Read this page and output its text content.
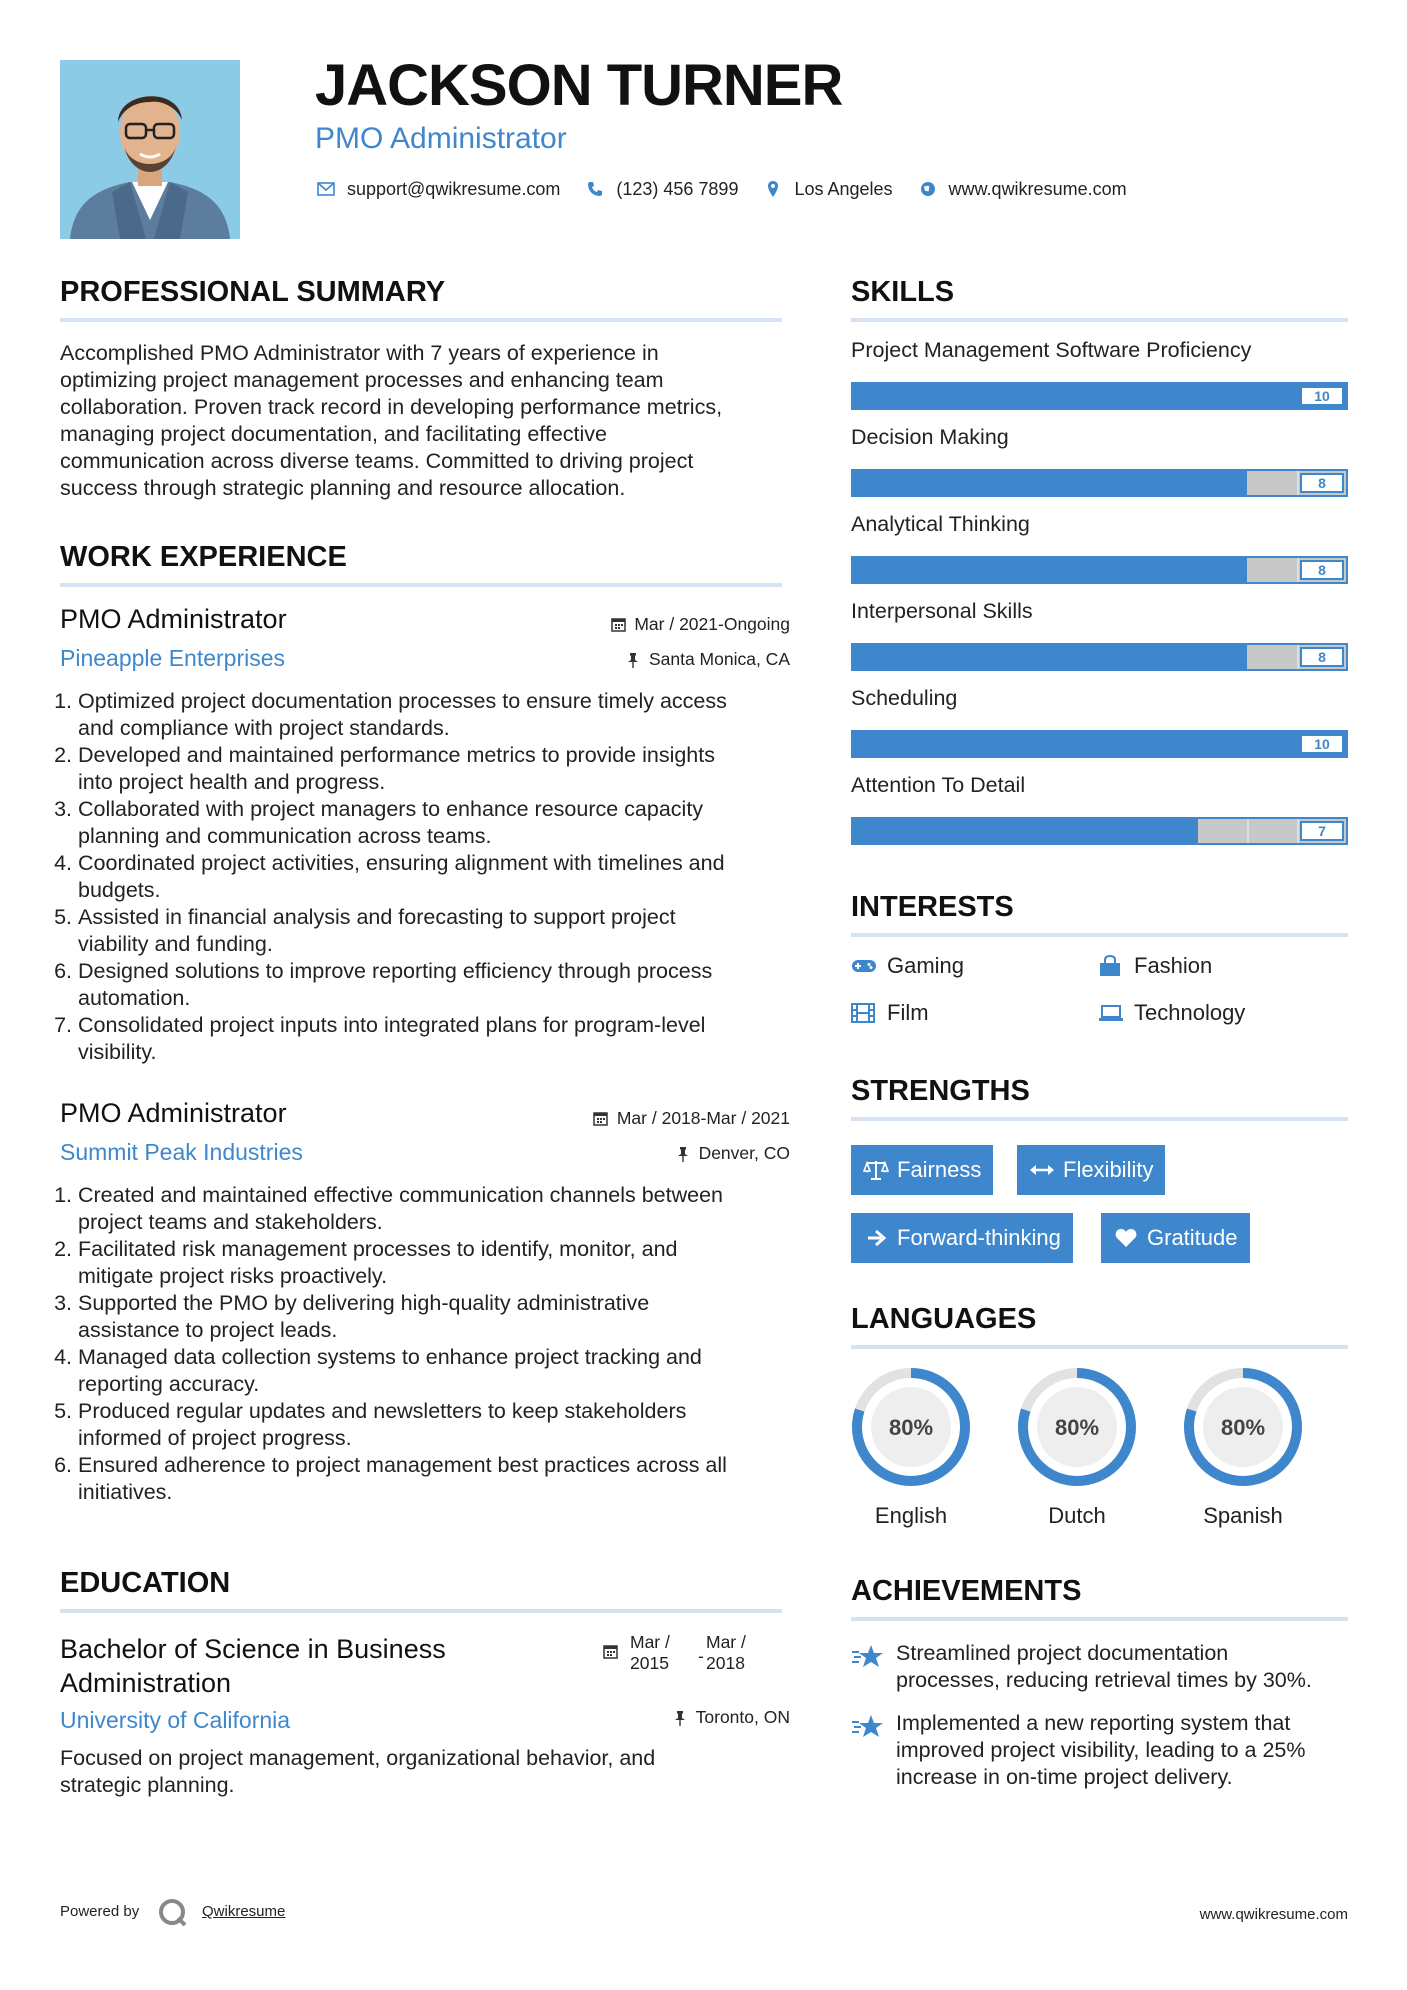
JACKSON TURNER
PMO Administrator
support@qwikresume.com	(123) 456 7899	Los Angeles	www.qwikresume.com
PROFESSIONAL SUMMARY
Accomplished PMO Administrator with 7 years of experience in
optimizing project management processes and enhancing team
collaboration. Proven track record in developing performance metrics,
managing project documentation, and facilitating effective
communication across diverse teams. Committed to driving project
success through strategic planning and resource allocation.
WORK EXPERIENCE
PMO Administrator	Mar / 2021-Ongoing
Pineapple Enterprises	Santa Monica, CA
1. Optimized project documentation processes to ensure timely access
and compliance with project standards.
2. Developed and maintained performance metrics to provide insights
into project health and progress.
3. Collaborated with project managers to enhance resource capacity
planning and communication across teams.
4. Coordinated project activities, ensuring alignment with timelines and
budgets.
5. Assisted in financial analysis and forecasting to support project
viability and funding.
6. Designed solutions to improve reporting efficiency through process
automation.
7. Consolidated project inputs into integrated plans for program-level
visibility.
PMO Administrator	Mar / 2018-Mar / 2021
Summit Peak Industries	Denver, CO
1. Created and maintained effective communication channels between
project teams and stakeholders.
2. Facilitated risk management processes to identify, monitor, and
mitigate project risks proactively.
3. Supported the PMO by delivering high-quality administrative
assistance to project leads.
4. Managed data collection systems to enhance project tracking and
reporting accuracy.
5. Produced regular updates and newsletters to keep stakeholders
informed of project progress.
6. Ensured adherence to project management best practices across all
initiatives.
EDUCATION
Bachelor of Science in Business
Administration
Mar /
2015 -
Mar /
2018
University of California	Toronto, ON
Focused on project management, organizational behavior, and
strategic planning.
SKILLS
Project Management Software Proficiency
10
Decision Making
8
Analytical Thinking
8
Interpersonal Skills
8
Scheduling
10
Attention To Detail
7
INTERESTS
Gaming	Fashion
Film	Technology
STRENGTHS
Fairness	Flexibility
Forward-thinking	Gratitude
LANGUAGES
80%
English
80%
Dutch
80%
Spanish
ACHIEVEMENTS
Streamlined project documentation
processes, reducing retrieval times by 30%.
Implemented a new reporting system that
improved project visibility, leading to a 25%
increase in on-time project delivery.
Powered by	Qwikresume	www.qwikresume.com
